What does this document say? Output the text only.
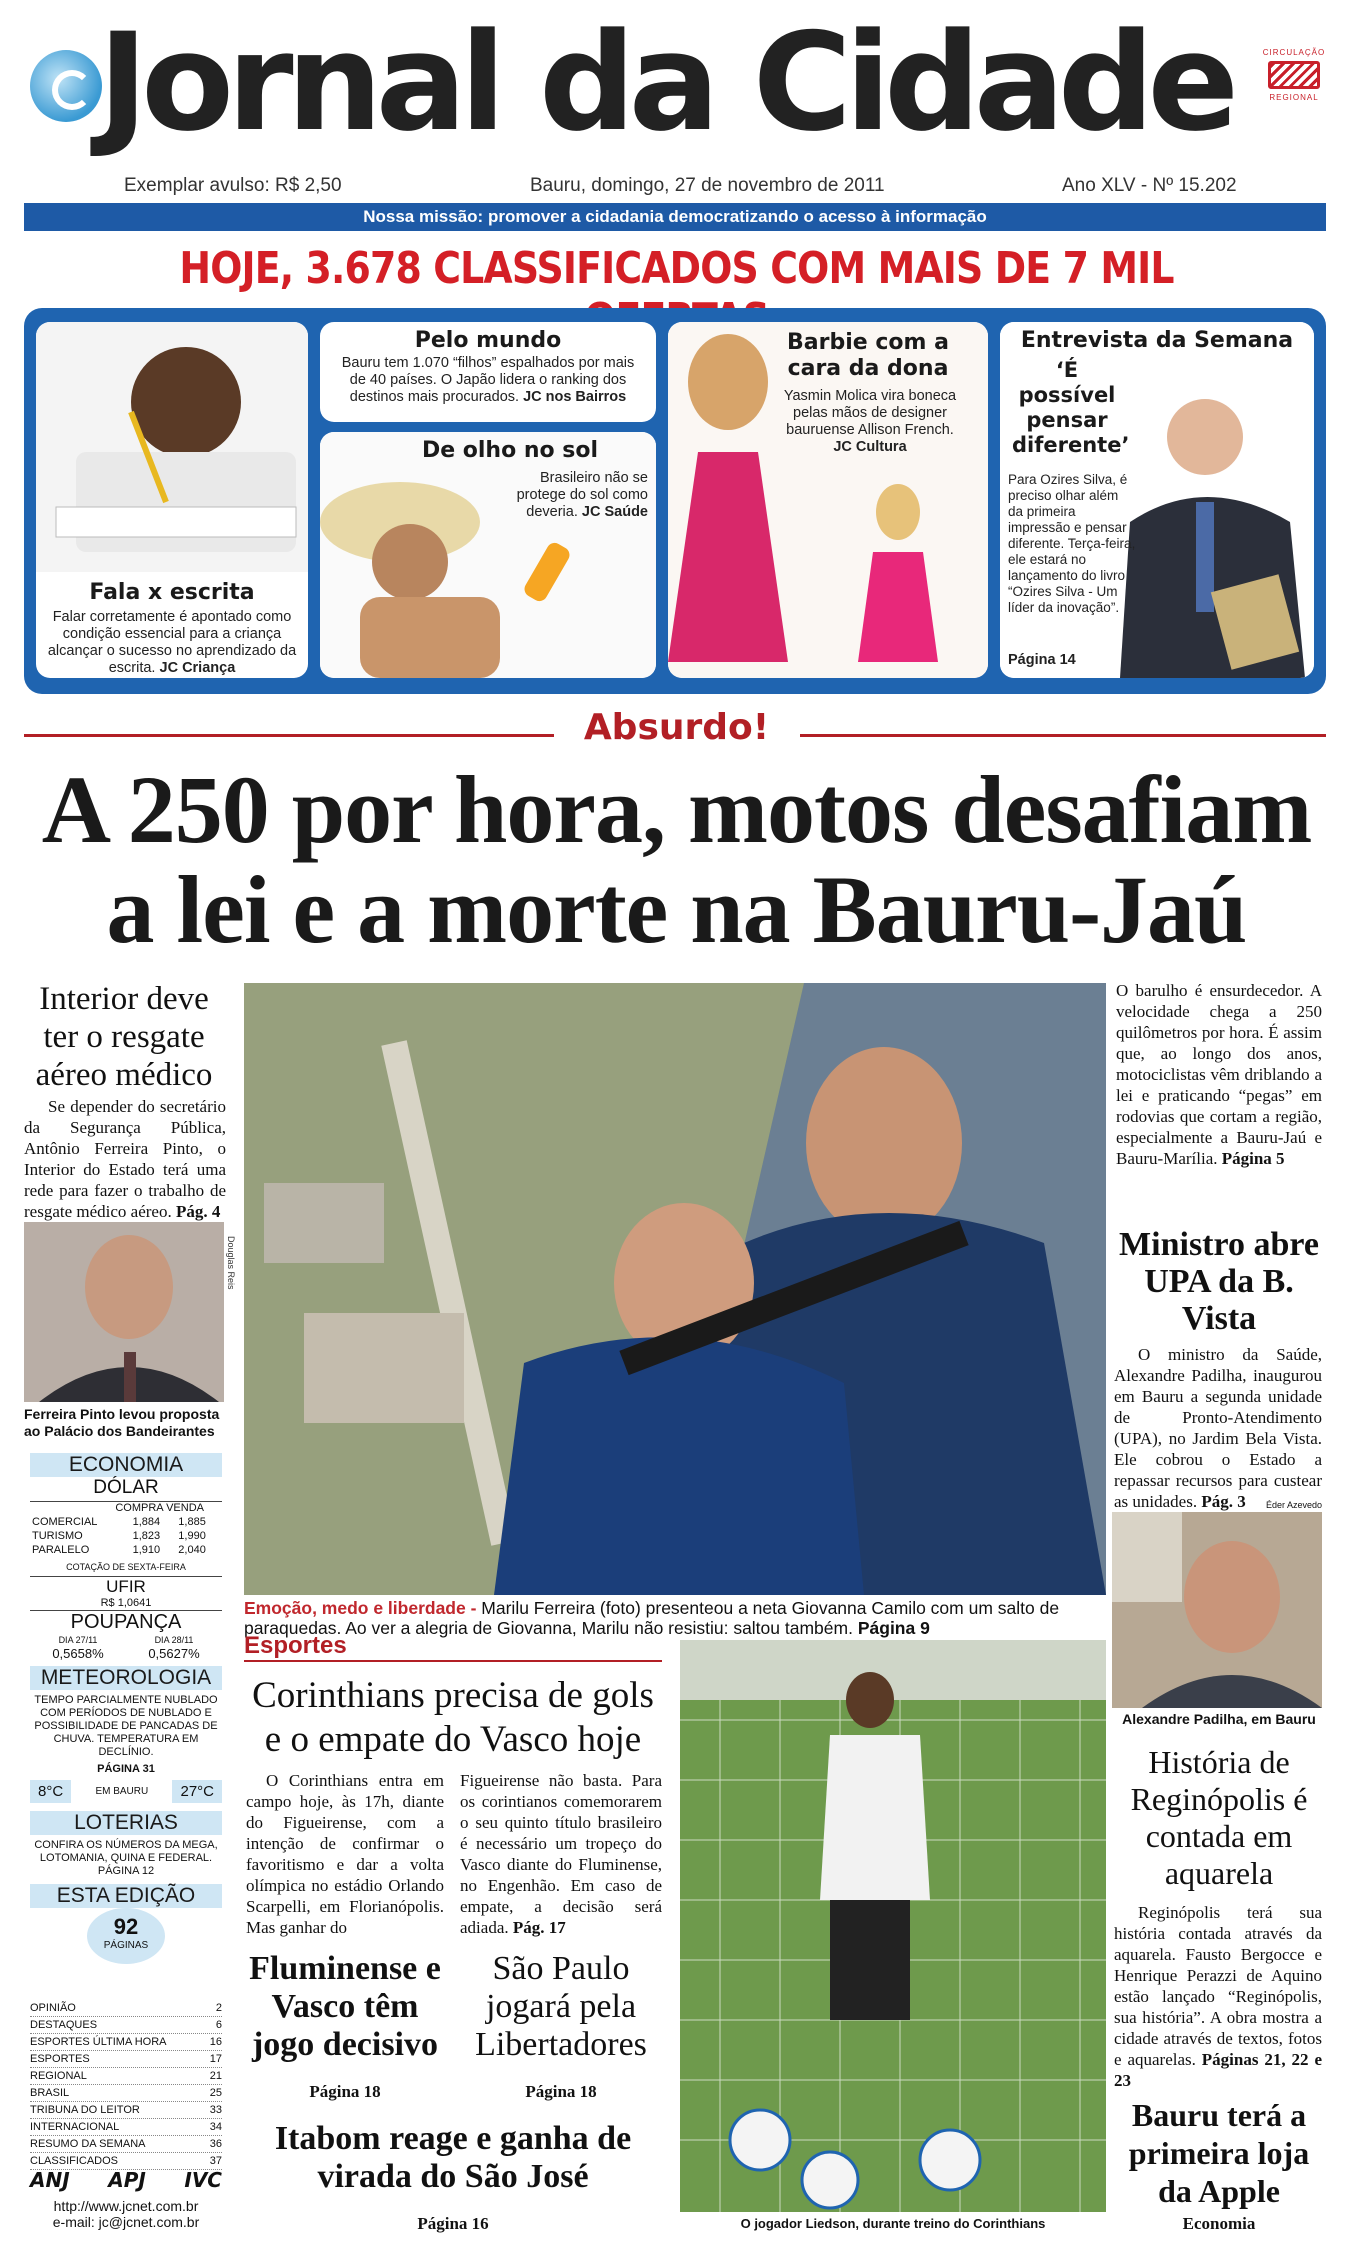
Jornal da Cidade	CIRCULAÇÃO
REGIONAL
Exemplar avulso: R$ 2,50	Bauru, domingo, 27 de novembro de 2011	Ano XLV - Nº 15.202
Nossa missão: promover a cidadania democratizando o acesso à informação
HOJE, 3.678 CLASSIFICADOS COM MAIS DE 7 MIL
Fala x escrita

Falar corretamente é apontado como condição essencial para a criança alcançar o sucesso no aprendizado da escrita. JC Criança

Pelo mundo

Bauru tem 1.070 “filhos” espalhados por mais de 40 países. O Japão lidera o ranking dos destinos mais procurados. JC nos Bairros

De olho no sol

Brasileiro não se protege do sol como deveria. JC Saúde

Barbie com a cara da dona

Yasmin Molica vira boneca pelas mãos de designer bauruense Allison French.
JC Cultura

Entrevista da Semana
‘É possível pensar diferente’

Para Ozires Silva, é preciso olhar além da primeira impressão e pensar diferente. Terça-feira, ele estará no lançamento do livro “Ozires Silva - Um líder da inovação”.

Página 14

Absurdo!
A 250 por hora, motos desafiam a lei e a morte na Bauru-Jaú
Interior deve ter o resgate aéreo médico
Se depender do secretário da Segurança Pública, Antônio Ferreira Pinto, o Interior do Estado terá uma rede para fazer o trabalho de resgate médico aéreo. Pág. 4
Douglas Reis
Ferreira Pinto levou proposta ao Palácio dos Bandeirantes
ECONOMIA
DÓLAR
COMPRA VENDA
COMERCIAL	1,884	1,885
TURISMO	1,823	1,990
PARALELO	1,910	2,040
COTAÇÃO DE SEXTA-FEIRA
UFIR
R$ 1,0641
POUPANÇA
DIA 27/11	DIA 28/11
0,5658%	0,5627%
METEOROLOGIA
TEMPO PARCIALMENTE NUBLADO COM PERÍODOS DE NUBLADO E POSSIBILIDADE DE PANCADAS DE CHUVA. TEMPERATURA EM DECLÍNIO.
PÁGINA 31
8°C	EM BAURU	27°C
LOTERIAS
CONFIRA OS NÚMEROS DA MEGA, LOTOMANIA, QUINA E FEDERAL.
PÁGINA 12
ESTA EDIÇÃO
92
PÁGINAS
OPINIÃO	2
DESTAQUES	6
ESPORTES ÚLTIMA HORA	16
ESPORTES	17
REGIONAL	21
BRASIL	25
TRIBUNA DO LEITOR	33
INTERNACIONAL	34
RESUMO DA SEMANA	36
CLASSIFICADOS	37
ANJ APJ IVC
http://www.jcnet.com.br
e-mail: jc@jcnet.com.br
Emoção, medo e liberdade - Marilu Ferreira (foto) presenteou a neta Giovanna Camilo com um salto de paraquedas. Ao ver a alegria de Giovanna, Marilu não resistiu: saltou também. Página 9
O barulho é ensurdecedor. A velocidade chega a 250 quilômetros por hora. É assim que, ao longo dos anos, motociclistas vêm driblando a lei e praticando “pegas” em rodovias que cortam a região, especialmente a Bauru-Jaú e Bauru-Marília. Página 5
Ministro abre UPA da B. Vista
O ministro da Saúde, Alexandre Padilha, inaugurou em Bauru a segunda unidade de Pronto-Atendimento (UPA), no Jardim Bela Vista. Ele cobrou o Estado a repassar recursos para custear as unidades. Pág. 3	Éder Azevedo
Alexandre Padilha, em Bauru
História de Reginópolis é contada em aquarela
Reginópolis terá sua história contada através da aquarela. Fausto Bergocce e Henrique Perazzi de Aquino estão lançado “Reginópolis, sua história”. A obra mostra a cidade através de textos, fotos e aquarelas. Páginas 21, 22 e 23
Bauru terá a primeira loja da Apple
Economia
Esportes
Corinthians precisa de gols e o empate do Vasco hoje
O Corinthians entra em campo hoje, às 17h, diante do Figueirense, com a intenção de confirmar o favoritismo e dar a volta olímpica no estádio Orlando Scarpelli, em Florianópolis. Mas ganhar do
Figueirense não basta. Para os corintianos comemorarem o seu quinto título brasileiro é necessário um tropeço do Vasco diante do Fluminense, no Engenhão. Em caso de empate, a decisão será adiada. Pág. 17
Fluminense e Vasco têm jogo decisivo
Página 18
São Paulo jogará pela Libertadores
Página 18
Itabom reage e ganha de virada do São José
Página 16	O jogador Liedson, durante treino do Corinthians
